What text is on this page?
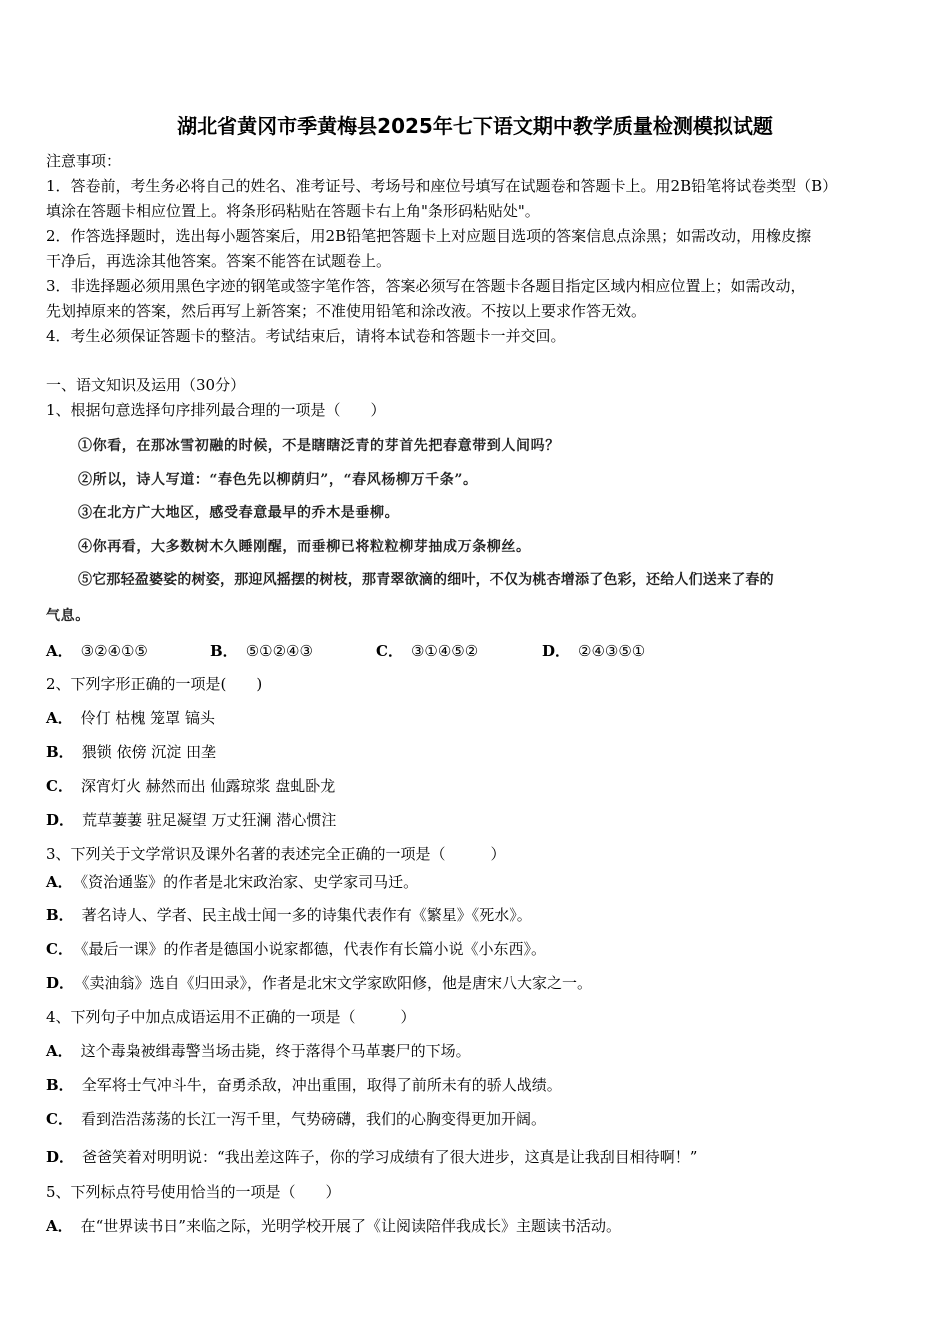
湖北省黄冈市季黄梅县2025年七下语文期中教学质量检测模拟试题
注意事项：
1．答卷前，考生务必将自己的姓名、准考证号、考场号和座位号填写在试题卷和答题卡上。用2B铅笔将试卷类型（B）
填涂在答题卡相应位置上。将条形码粘贴在答题卡右上角"条形码粘贴处"。
2．作答选择题时，选出每小题答案后，用2B铅笔把答题卡上对应题目选项的答案信息点涂黑；如需改动，用橡皮擦
干净后，再选涂其他答案。答案不能答在试题卷上。
3．非选择题必须用黑色字迹的钢笔或签字笔作答，答案必须写在答题卡各题目指定区域内相应位置上；如需改动，
先划掉原来的答案，然后再写上新答案；不准使用铅笔和涂改液。不按以上要求作答无效。
4．考生必须保证答题卡的整洁。考试结束后，请将本试卷和答题卡一并交回。
一、语文知识及运用（30分）
1、根据句意选择句序排列最合理的一项是（　　）
①你看，在那冰雪初融的时候，不是瞎瞎泛青的芽首先把春意带到人间吗？
②所以，诗人写道：“春色先以柳荫归”，“春风杨柳万千条”。
③在北方广大地区，感受春意最早的乔木是垂柳。
④你再看，大多数树木久睡刚醒，而垂柳已将粒粒柳芽抽成万条柳丝。
⑤它那轻盈婆娑的树姿，那迎风摇摆的树枝，那青翠欲滴的细叶，不仅为桃杏增添了色彩，还给人们送来了春的
气息。
A． ③②④①⑤	B． ⑤①②④③	C． ③①④⑤②	D． ②④③⑤①
2、下列字形正确的一项是(　　)
A． 伶仃 枯槐 笼罩 镐头
B． 猥锁 依傍 沉淀 田垄
C． 深宵灯火 赫然而出 仙露琼浆 盘虬卧龙
D． 荒草萋萋 驻足凝望 万丈狂澜 潜心惯注
3、下列关于文学常识及课外名著的表述完全正确的一项是（　　　）
A． 《资治通鉴》的作者是北宋政治家、史学家司马迁。
B． 著名诗人、学者、民主战士闻一多的诗集代表作有《繁星》《死水》。
C． 《最后一课》的作者是德国小说家都德，代表作有长篇小说《小东西》。
D． 《卖油翁》选自《归田录》，作者是北宋文学家欧阳修，他是唐宋八大家之一。
4、下列句子中加点成语运用不正确的一项是（　　　）
A． 这个毒枭被缉毒警当场击毙，终于落得个马革裹尸的下场。
B． 全军将士气冲斗牛，奋勇杀敌，冲出重围，取得了前所未有的骄人战绩。
C． 看到浩浩荡荡的长江一泻千里，气势磅礴，我们的心胸变得更加开阔。
D． 爸爸笑着对明明说：“我出差这阵子，你的学习成绩有了很大进步，这真是让我刮目相待啊！”
5、下列标点符号使用恰当的一项是（　　）
A． 在“世界读书日”来临之际，光明学校开展了《让阅读陪伴我成长》主题读书活动。
